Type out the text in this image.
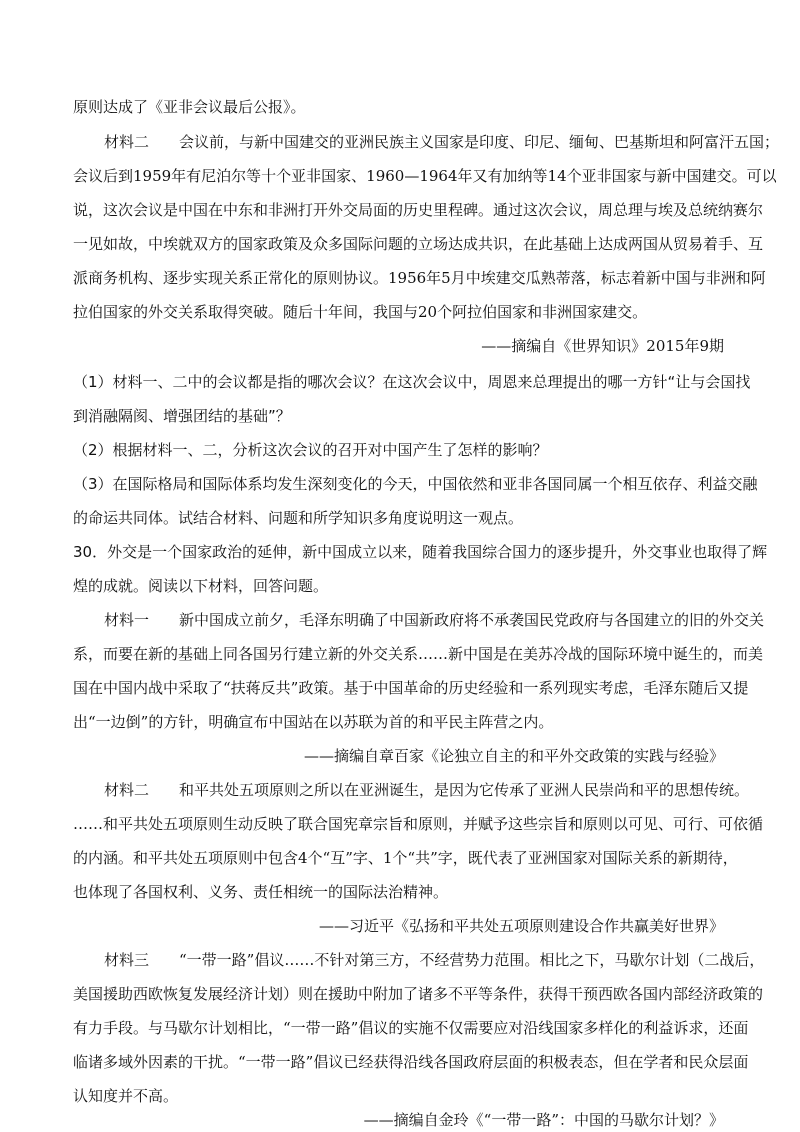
原则达成了《亚非会议最后公报》。
材料二　　会议前，与新中国建交的亚洲民族主义国家是印度、印尼、缅甸、巴基斯坦和阿富汗五国；
会议后到1959年有尼泊尔等十个亚非国家、1960—1964年又有加纳等14个亚非国家与新中国建交。可以
说，这次会议是中国在中东和非洲打开外交局面的历史里程碑。通过这次会议，周总理与埃及总统纳赛尔
一见如故，中埃就双方的国家政策及众多国际问题的立场达成共识，在此基础上达成两国从贸易着手、互
派商务机构、逐步实现关系正常化的原则协议。1956年5月中埃建交瓜熟蒂落，标志着新中国与非洲和阿
拉伯国家的外交关系取得突破。随后十年间，我国与20个阿拉伯国家和非洲国家建交。
——摘编自《世界知识》2015年9期
（1）材料一、二中的会议都是指的哪次会议？在这次会议中，周恩来总理提出的哪一方针“让与会国找
到消融隔阂、增强团结的基础”？
（2）根据材料一、二，分析这次会议的召开对中国产生了怎样的影响？
（3）在国际格局和国际体系均发生深刻变化的今天，中国依然和亚非各国同属一个相互依存、利益交融
的命运共同体。试结合材料、问题和所学知识多角度说明这一观点。
30．外交是一个国家政治的延伸，新中国成立以来，随着我国综合国力的逐步提升，外交事业也取得了辉
煌的成就。阅读以下材料，回答问题。
材料一　　新中国成立前夕，毛泽东明确了中国新政府将不承袭国民党政府与各国建立的旧的外交关
系，而要在新的基础上同各国另行建立新的外交关系……新中国是在美苏冷战的国际环境中诞生的，而美
国在中国内战中采取了“扶蒋反共”政策。基于中国革命的历史经验和一系列现实考虑，毛泽东随后又提
出“一边倒”的方针，明确宣布中国站在以苏联为首的和平民主阵营之内。
——摘编自章百家《论独立自主的和平外交政策的实践与经验》
材料二　　和平共处五项原则之所以在亚洲诞生，是因为它传承了亚洲人民崇尚和平的思想传统。
……和平共处五项原则生动反映了联合国宪章宗旨和原则，并赋予这些宗旨和原则以可见、可行、可依循
的内涵。和平共处五项原则中包含4个“互”字、1个“共”字，既代表了亚洲国家对国际关系的新期待，
也体现了各国权利、义务、责任相统一的国际法治精神。
——习近平《弘扬和平共处五项原则建设合作共赢美好世界》
材料三　　“一带一路”倡议……不针对第三方，不经营势力范围。相比之下，马歇尔计划（二战后，
美国援助西欧恢复发展经济计划）则在援助中附加了诸多不平等条件，获得干预西欧各国内部经济政策的
有力手段。与马歇尔计划相比，“一带一路”倡议的实施不仅需要应对沿线国家多样化的利益诉求，还面
临诸多域外因素的干扰。“一带一路”倡议已经获得沿线各国政府层面的积极表态，但在学者和民众层面
认知度并不高。
——摘编自金玲《“一带一路”：中国的马歇尔计划？》
